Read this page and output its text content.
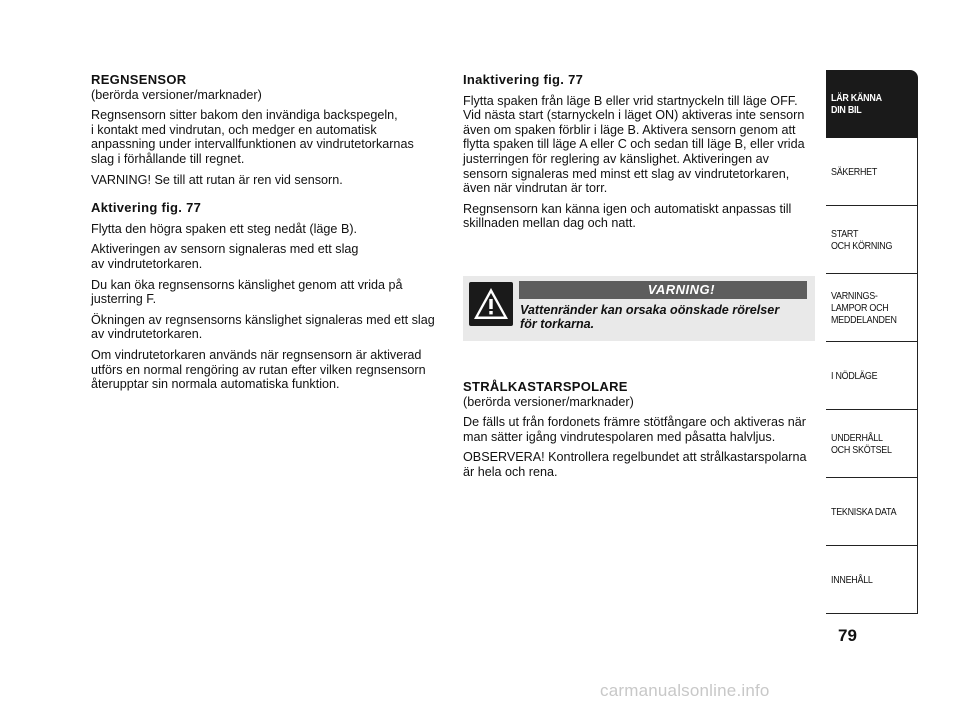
REGNSENSOR

(berörda versioner/marknader)

Regnsensorn sitter bakom den invändiga backspegeln,
i kontakt med vindrutan, och medger en automatisk
anpassning under intervallfunktionen av vindrutetorkarnas
slag i förhållande till regnet.

VARNING! Se till att rutan är ren vid sensorn.

Aktivering fig. 77

Flytta den högra spaken ett steg nedåt (läge B).

Aktiveringen av sensorn signaleras med ett slag
av vindrutetorkaren.

Du kan öka regnsensorns känslighet genom att vrida på
justerring F.

Ökningen av regnsensorns känslighet signaleras med ett slag
av vindrutetorkaren.

Om vindrutetorkaren används när regnsensorn är aktiverad
utförs en normal rengöring av rutan efter vilken regnsensorn
återupptar sin normala automatiska funktion.

Inaktivering fig. 77

Flytta spaken från läge B eller vrid startnyckeln till läge OFF.
Vid nästa start (starnyckeln i läget ON) aktiveras inte sensorn
även om spaken förblir i läge B. Aktivera sensorn genom att
flytta spaken till läge A eller C och sedan till läge B, eller vrida
justerringen för reglering av känslighet. Aktiveringen av
sensorn signaleras med minst ett slag av vindrutetorkaren,
även när vindrutan är torr.

Regnsensorn kan känna igen och automatiskt anpassas till
skillnaden mellan dag och natt.

VARNING!
Vattenränder kan orsaka oönskade rörelser
för torkarna.
STRÅLKASTARSPOLARE

(berörda versioner/marknader)

De fälls ut från fordonets främre stötfångare och aktiveras när
man sätter igång vindrutespolaren med påsatta halvljus.

OBSERVERA! Kontrollera regelbundet att strålkastarspolarna
är hela och rena.

LÄR KÄNNA
DIN BIL
SÄKERHET
START
OCH KÖRNING
VARNINGS-
LAMPOR OCH
MEDDELANDEN
I NÖDLÄGE
UNDERHÅLL
OCH SKÖTSEL
TEKNISKA DATA
INNEHÅLL
79
carmanualsonline.info
